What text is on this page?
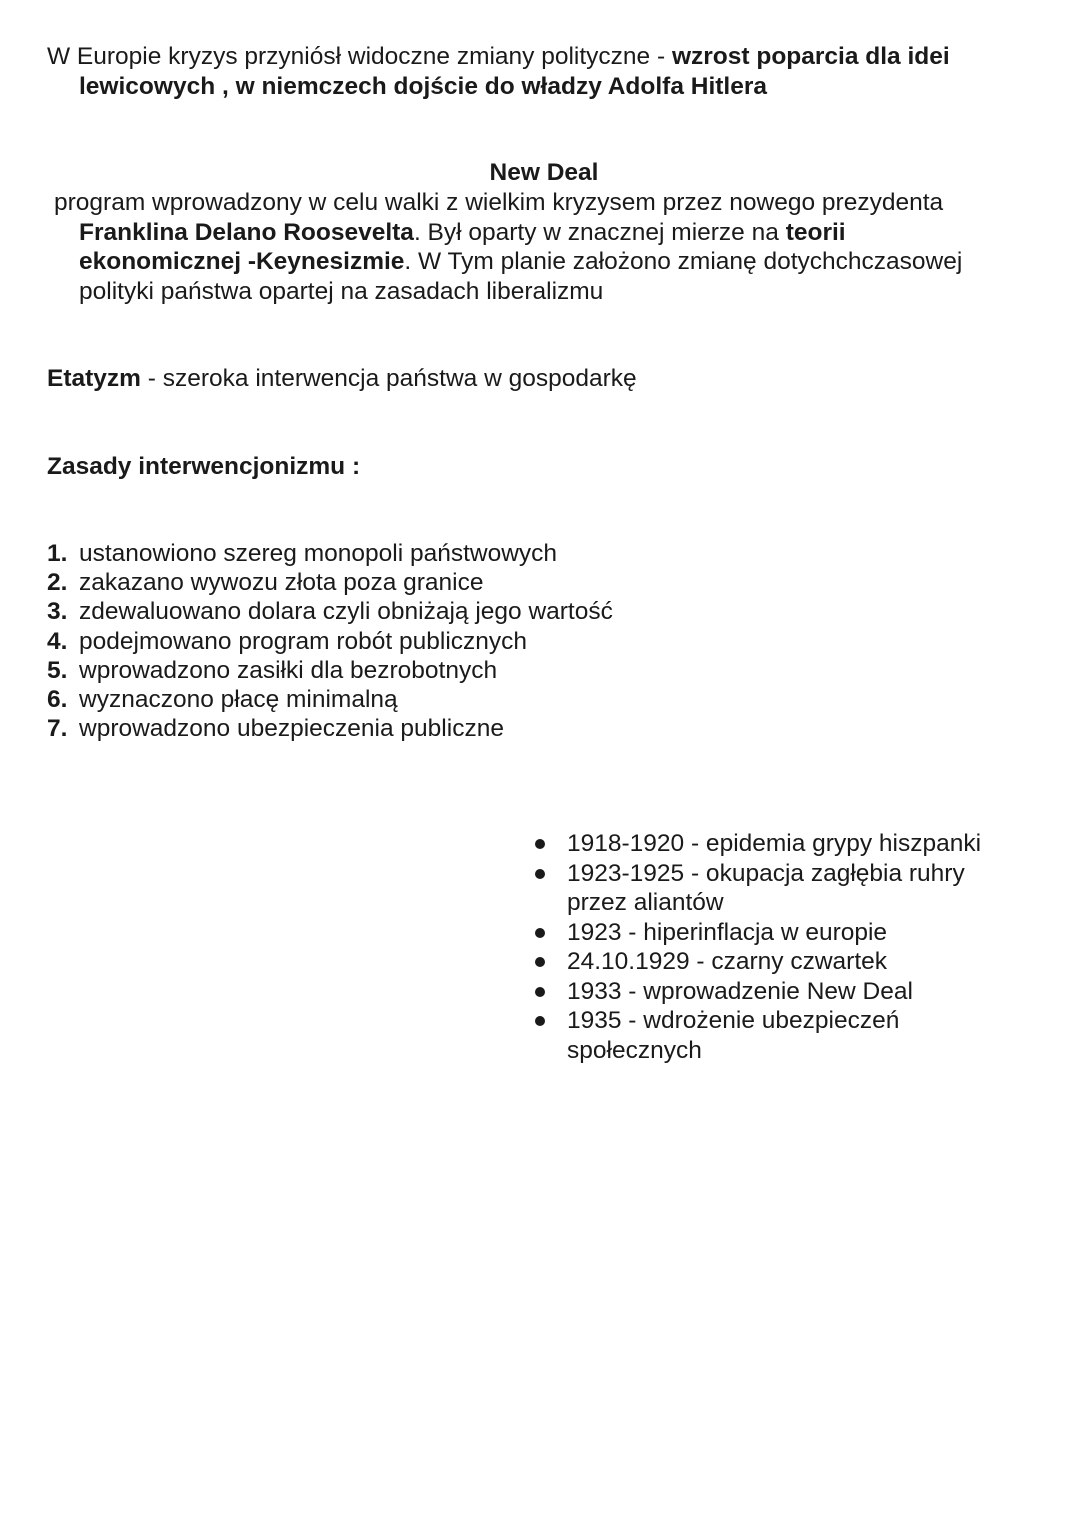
W Europie kryzys przyniósł widoczne zmiany polityczne - wzrost poparcia dla idei
lewicowych , w niemczech dojście do władzy Adolfa Hitlera
New Deal
program wprowadzony w celu walki z wielkim kryzysem przez nowego prezydenta
Franklina Delano Roosevelta. Był oparty w znacznej mierze na teorii
ekonomicznej -Keynesizmie. W Tym planie założono zmianę dotychchczasowej
polityki państwa opartej na zasadach liberalizmu
Etatyzm - szeroka interwencja państwa w gospodarkę
Zasady interwencjonizmu :
1. ustanowiono szereg monopoli państwowych
2. zakazano wywozu złota poza granice
3. zdewaluowano dolara czyli obniżają jego wartość
4. podejmowano program robót publicznych
5. wprowadzono zasiłki dla bezrobotnych
6. wyznaczono płacę minimalną
7. wprowadzono ubezpieczenia publiczne
1918-1920 - epidemia grypy hiszpanki
1923-1925 - okupacja zagłębia ruhry
przez aliantów
1923 - hiperinflacja w europie
24.10.1929 - czarny czwartek
1933 - wprowadzenie New Deal
1935 - wdrożenie ubezpieczeń
społecznych
